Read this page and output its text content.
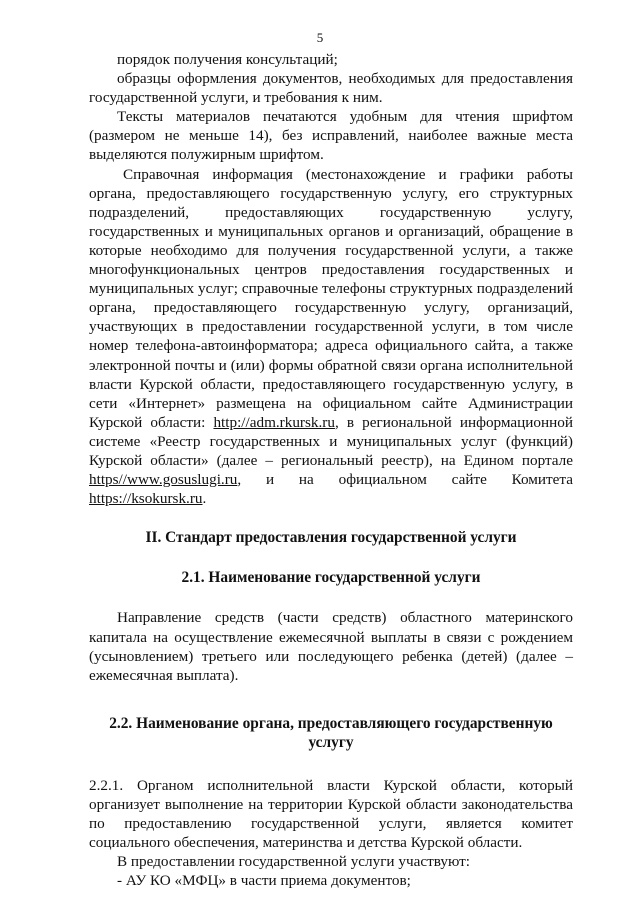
5

порядок получения консультаций;

образцы оформления документов, необходимых для предоставления государственной услуги, и требования к ним.

Тексты материалов печатаются удобным для чтения шрифтом (размером не меньше 14), без исправлений, наиболее важные места выделяются полужирным шрифтом.

Справочная информация (местонахождение и графики работы органа, предоставляющего государственную услугу, его структурных подразделений, предоставляющих государственную услугу, государственных и муниципальных органов и организаций, обращение в которые необходимо для получения государственной услуги, а также многофункциональных центров предоставления государственных и муниципальных услуг; справочные телефоны структурных подразделений органа, предоставляющего государственную услугу, организаций, участвующих в предоставлении государственной услуги, в том числе номер телефона-автоинформатора; адреса официального сайта, а также электронной почты и (или) формы обратной связи органа исполнительной власти Курской области, предоставляющего государственную услугу, в сети «Интернет» размещена на официальном сайте Администрации Курской области: http://adm.rkursk.ru, в региональной информационной системе «Реестр государственных и муниципальных услуг (функций) Курской области» (далее – региональный реестр), на Едином портале https//www.gosuslugi.ru, и на официальном сайте Комитета https://ksokursk.ru.

II. Стандарт предоставления государственной услуги

2.1. Наименование государственной услуги

Направление средств (части средств) областного материнского капитала на осуществление ежемесячной выплаты в связи с рождением (усыновлением) третьего или последующего ребенка (детей) (далее – ежемесячная выплата).

2.2. Наименование органа, предоставляющего государственную услугу

2.2.1. Органом исполнительной власти Курской области, который организует выполнение на территории Курской области законодательства по предоставлению государственной услуги, является комитет социального обеспечения, материнства и детства Курской области.

В предоставлении государственной услуги участвуют:

- АУ КО «МФЦ» в части приема документов;
